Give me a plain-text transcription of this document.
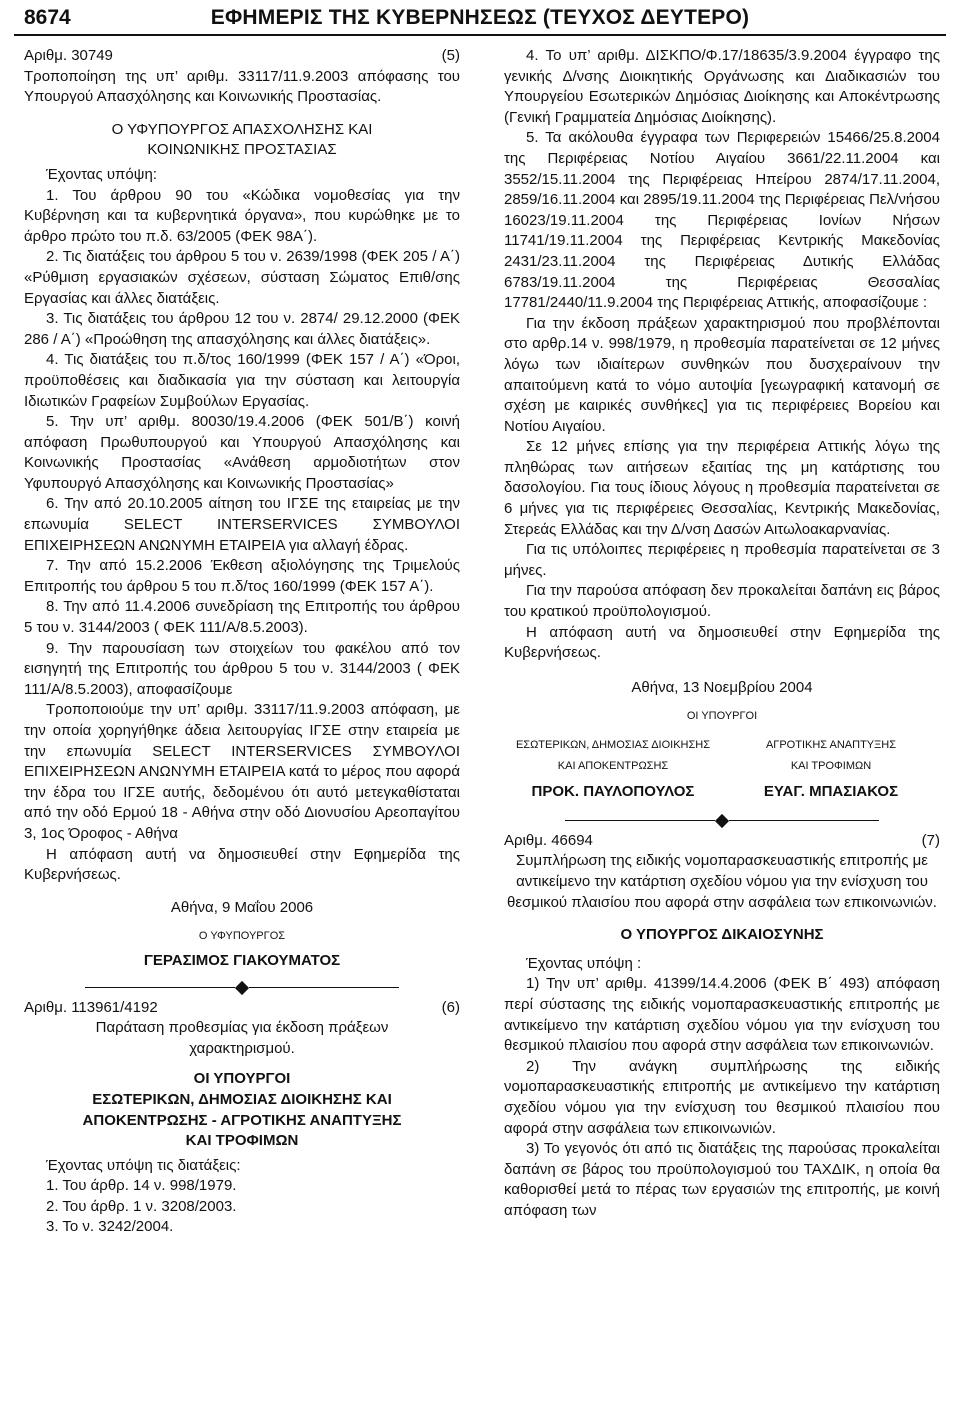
8674	ΕΦΗΜΕΡΙΣ ΤΗΣ ΚΥΒΕΡΝΗΣΕΩΣ (ΤΕΥΧΟΣ ΔΕΥΤΕΡΟ)
Αριθμ. 30749	(5)

Τροποποίηση της υπ’ αριθμ. 33117/11.9.2003 απόφασης του Υπουργού Απασχόλησης και Κοινωνικής Προστασίας.

Ο ΥΦΥΠΟΥΡΓΟΣ ΑΠΑΣΧΟΛΗΣΗΣ ΚΑΙ ΚΟΙΝΩΝΙΚΗΣ ΠΡΟΣΤΑΣΙΑΣ

Έχοντας υπόψη:

1. Του άρθρου 90 του «Κώδικα νομοθεσίας για την Κυβέρνηση και τα κυβερνητικά όργανα», που κυρώθηκε με το άρθρο πρώτο του π.δ. 63/2005 (ΦΕΚ 98Α΄).

2. Τις διατάξεις του άρθρου 5 του ν. 2639/1998 (ΦΕΚ 205 / Α΄) «Ρύθμιση εργασιακών σχέσεων, σύσταση Σώματος Επιθ/σης Εργασίας και άλλες διατάξεις.

3. Τις διατάξεις του άρθρου 12 του ν. 2874/ 29.12.2000 (ΦΕΚ 286 / Α΄) «Προώθηση της απασχόλησης και άλλες διατάξεις».

4. Τις διατάξεις του π.δ/τος 160/1999 (ΦΕΚ 157 / Α΄) «Όροι, προϋποθέσεις και διαδικασία για την σύσταση και λειτουργία Ιδιωτικών Γραφείων Συμβούλων Εργασίας.

5. Την υπ’ αριθμ. 80030/19.4.2006 (ΦΕΚ 501/Β΄) κοινή απόφαση Πρωθυπουργού και Υπουργού Απασχόλησης και Κοινωνικής Προστασίας «Ανάθεση αρμοδιοτήτων στον Υφυπουργό Απασχόλησης και Κοινωνικής Προστασίας»

6. Την από 20.10.2005 αίτηση του ΙΓΣΕ της εταιρείας με την επωνυμία SELECT INTERSERVICES ΣΥΜΒΟΥΛΟΙ ΕΠΙΧΕΙΡΗΣΕΩΝ ΑΝΩΝΥΜΗ ΕΤΑΙΡΕΙΑ για αλλαγή έδρας.

7. Την από 15.2.2006 Έκθεση αξιολόγησης της Τριμελούς Επιτροπής του άρθρου 5 του π.δ/τος 160/1999 (ΦΕΚ 157 Α΄).

8. Την από 11.4.2006 συνεδρίαση της Επιτροπής του άρθρου 5 του ν. 3144/2003 ( ΦΕΚ 111/Α/8.5.2003).

9. Την παρουσίαση των στοιχείων του φακέλου από τον εισηγητή της Επιτροπής του άρθρου 5 του ν. 3144/2003 ( ΦΕΚ 111/Α/8.5.2003), αποφασίζουμε

Τροποποιούμε την υπ’ αριθμ. 33117/11.9.2003 απόφαση, με την οποία χορηγήθηκε άδεια λειτουργίας ΙΓΣΕ στην εταιρεία με την επωνυμία SELECT INTERSERVICES ΣΥΜΒΟΥΛΟΙ ΕΠΙΧΕΙΡΗΣΕΩΝ ΑΝΩΝΥΜΗ ΕΤΑΙΡΕΙΑ κατά το μέρος που αφορά την έδρα του ΙΓΣΕ αυτής, δεδομένου ότι αυτό μετεγκαθίσταται από την οδό Ερμού 18 - Αθήνα στην οδό Διονυσίου Αρεοπαγίτου 3, 1ος Όροφος - Αθήνα

Η απόφαση αυτή να δημοσιευθεί στην Εφημερίδα της Κυβερνήσεως.

Αθήνα, 9 Μαΐου 2006

Ο ΥΦΥΠΟΥΡΓΟΣ

ΓΕΡΑΣΙΜΟΣ ΓΙΑΚΟΥΜΑΤΟΣ

Αριθμ. 113961/4192	(6)

Παράταση προθεσμίας για έκδοση πράξεων χαρακτηρισμού.

ΟΙ ΥΠΟΥΡΓΟΙ
ΕΣΩΤΕΡΙΚΩΝ, ΔΗΜΟΣΙΑΣ ΔΙΟΙΚΗΣΗΣ ΚΑΙ
ΑΠΟΚΕΝΤΡΩΣΗΣ - ΑΓΡΟΤΙΚΗΣ ΑΝΑΠΤΥΞΗΣ
ΚΑΙ ΤΡΟΦΙΜΩΝ

Έχοντας υπόψη τις διατάξεις:

1. Του άρθρ. 14 ν. 998/1979.

2. Του άρθρ. 1 ν. 3208/2003.

3. Το ν. 3242/2004.

4. Το υπ’ αριθμ. ΔΙΣΚΠΟ/Φ.17/18635/3.9.2004 έγγραφο της γενικής Δ/νσης Διοικητικής Οργάνωσης και Διαδικασιών του Υπουργείου Εσωτερικών Δημόσιας Διοίκησης και Αποκέντρωσης (Γενική Γραμματεία Δημόσιας Διοίκησης).

5. Τα ακόλουθα έγγραφα των Περιφερειών 15466/25.8.2004 της Περιφέρειας Νοτίου Αιγαίου 3661/22.11.2004 και 3552/15.11.2004 της Περιφέρειας Ηπείρου 2874/17.11.2004, 2859/16.11.2004 και 2895/19.11.2004 της Περιφέρειας Πελ/νήσου 16023/19.11.2004 της Περιφέρειας Ιονίων Νήσων 11741/19.11.2004 της Περιφέρειας Κεντρικής Μακεδονίας 2431/23.11.2004 της Περιφέρειας Δυτικής Ελλάδας 6783/19.11.2004 της Περιφέρειας Θεσσαλίας 17781/2440/11.9.2004 της Περιφέρειας Αττικής, αποφασίζουμε :

Για την έκδοση πράξεων χαρακτηρισμού που προβλέπονται στο αρθρ.14 ν. 998/1979, η προθεσμία παρατείνεται σε 12 μήνες λόγω των ιδιαίτερων συνθηκών που δυσχεραίνουν την απαιτούμενη κατά το νόμο αυτοψία [γεωγραφική κατανομή σε σχέση με καιρικές συνθήκες] για τις περιφέρειες Βορείου και Νοτίου Αιγαίου.

Σε 12 μήνες επίσης για την περιφέρεια Αττικής λόγω της πληθώρας των αιτήσεων εξαιτίας της μη κατάρτισης του δασολογίου. Για τους ίδιους λόγους η προθεσμία παρατείνεται σε 6 μήνες για τις περιφέρειες Θεσσαλίας, Κεντρικής Μακεδονίας, Στερεάς Ελλάδας και την Δ/νση Δασών Αιτωλοακαρνανίας.

Για τις υπόλοιπες περιφέρειες η προθεσμία παρατείνεται σε 3 μήνες.

Για την παρούσα απόφαση δεν προκαλείται δαπάνη εις βάρος του κρατικού προϋπολογισμού.

Η απόφαση αυτή να δημοσιευθεί στην Εφημερίδα της Κυβερνήσεως.

Αθήνα, 13 Νοεμβρίου 2004

ΟΙ ΥΠΟΥΡΓΟΙ

ΕΣΩΤΕΡΙΚΩΝ, ΔΗΜΟΣΙΑΣ ΔΙΟΙΚΗΣΗΣ
ΚΑΙ ΑΠΟΚΕΝΤΡΩΣΗΣ
ΠΡΟΚ. ΠΑΥΛΟΠΟΥΛΟΣ
ΑΓΡΟΤΙΚΗΣ ΑΝΑΠΤΥΞΗΣ
ΚΑΙ ΤΡΟΦΙΜΩΝ
ΕΥΑΓ. ΜΠΑΣΙΑΚΟΣ
Αριθμ. 46694	(7)

Συμπλήρωση της ειδικής νομοπαρασκευαστικής επιτροπής με αντικείμενο την κατάρτιση σχεδίου νόμου για την ενίσχυση του θεσμικού πλαισίου που αφορά στην ασφάλεια των επικοινωνιών.

Ο ΥΠΟΥΡΓΟΣ ΔΙΚΑΙΟΣΥΝΗΣ

Έχοντας υπόψη :

1) Την υπ’ αριθμ. 41399/14.4.2006 (ΦΕΚ Β΄ 493) απόφαση περί σύστασης της ειδικής νομοπαρασκευαστικής επιτροπής με αντικείμενο την κατάρτιση σχεδίου νόμου για την ενίσχυση του θεσμικού πλαισίου που αφορά στην ασφάλεια των επικοινωνιών.

2) Την ανάγκη συμπλήρωσης της ειδικής νομοπαρασκευαστικής επιτροπής με αντικείμενο την κατάρτιση σχεδίου νόμου για την ενίσχυση του θεσμικού πλαισίου που αφορά στην ασφάλεια των επικοινωνιών.

3) Το γεγονός ότι από τις διατάξεις της παρούσας προκαλείται δαπάνη σε βάρος του προϋπολογισμού του ΤΑΧΔΙΚ, η οποία θα καθορισθεί μετά το πέρας των εργασιών της επιτροπής, με κοινή απόφαση των
